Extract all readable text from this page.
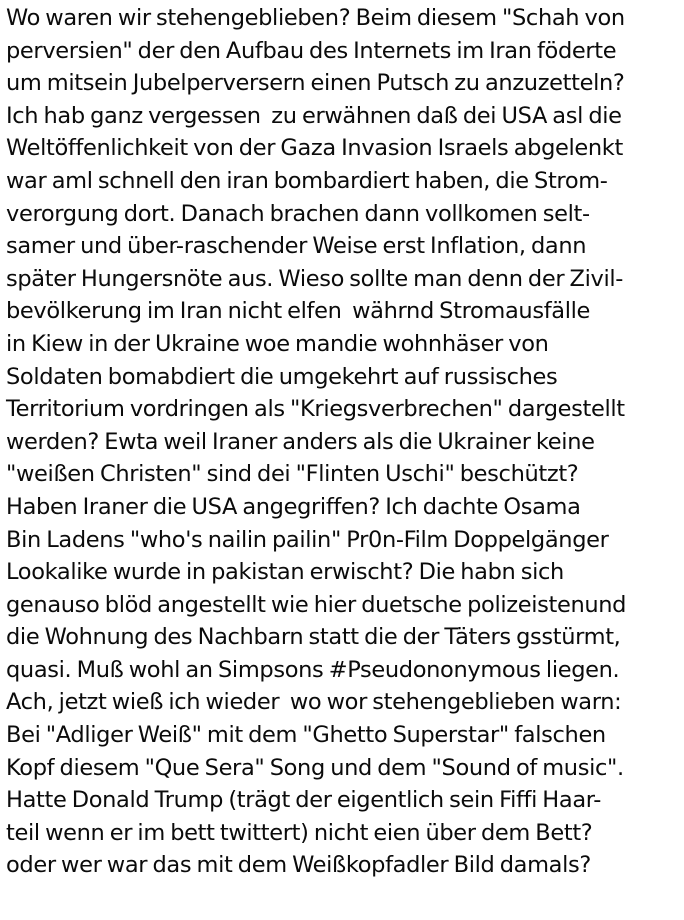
Wo waren wir stehengeblieben? Beim diesem "Schah von
perversien" der den Aufbau des Internets im Iran föderte
um mitsein Jubelperversern einen Putsch zu anzuzetteln?
Ich hab ganz vergessen  zu erwähnen daß dei USA asl die
Weltöffenlichkeit von der Gaza Invasion Israels abgelenkt
war aml schnell den iran bombardiert haben, die Strom-
verorgung dort. Danach brachen dann vollkomen selt-
samer und über-raschender Weise erst Inflation, dann
später Hungersnöte aus. Wieso sollte man denn der Zivil-
bevölkerung im Iran nicht elfen  währnd Stromausfälle
in Kiew in der Ukraine woe mandie wohnhäser von
Soldaten bomabdiert die umgekehrt auf russisches
Territorium vordringen als "Kriegsverbrechen" dargestellt
werden? Ewta weil Iraner anders als die Ukrainer keine
"weißen Christen" sind dei "Flinten Uschi" beschützt?
Haben Iraner die USA angegriffen? Ich dachte Osama
Bin Ladens "who's nailin pailin" Pr0n-Film Doppelgänger
Lookalike wurde in pakistan erwischt? Die habn sich
genauso blöd angestellt wie hier duetsche polizeistenund
die Wohnung des Nachbarn statt die der Täters gsstürmt,
quasi. Muß wohl an Simpsons #Pseudononymous liegen.
Ach, jetzt wieß ich wieder  wo wor stehengeblieben warn:
Bei "Adliger Weiß" mit dem "Ghetto Superstar" falschen
Kopf diesem "Que Sera" Song und dem "Sound of music".
Hatte Donald Trump (trägt der eigentlich sein Fiffi Haar-
teil wenn er im bett twittert) nicht eien über dem Bett?
oder wer war das mit dem Weißkopfadler Bild damals?
